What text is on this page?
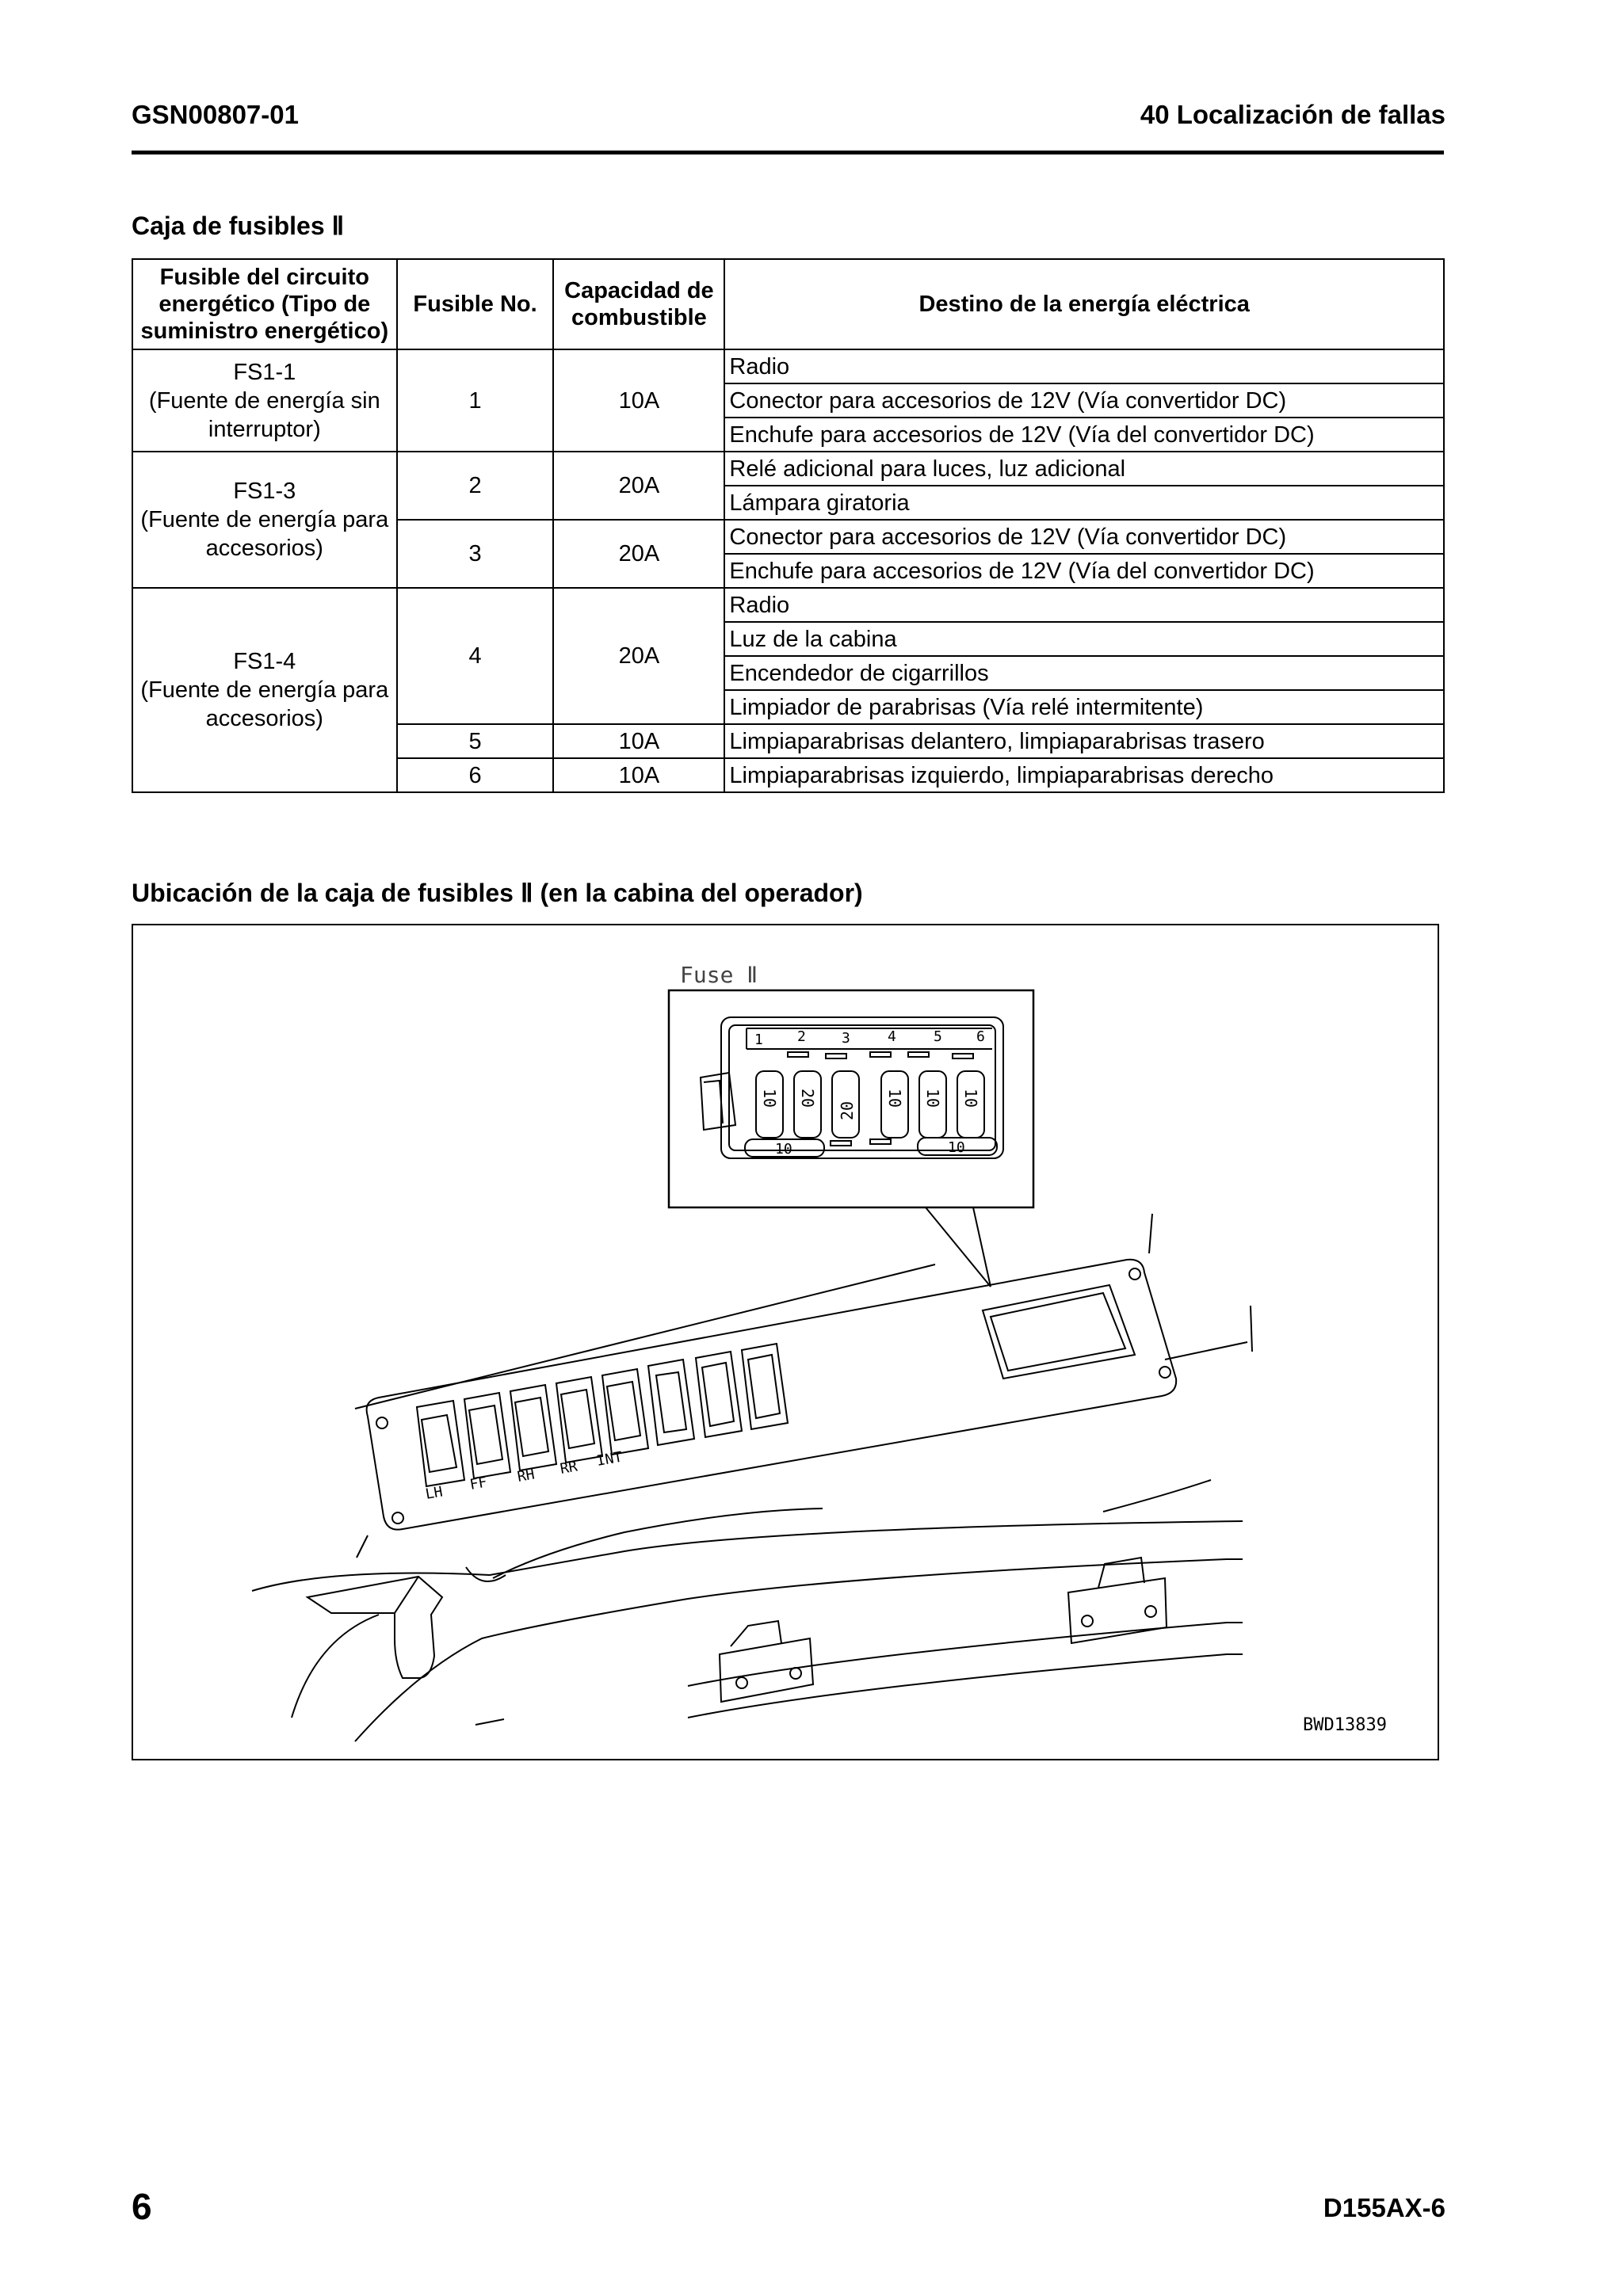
GSN00807-01	40 Localización de fallas
Caja de fusibles Ⅱ
Fusible del circuito energético (Tipo de suministro energético)	Fusible No.	Capacidad de combustible	Destino de la energía eléctrica

FS1-1
(Fuente de energía sin interruptor)	1	10A	Radio
			Conector para accesorios de 12V (Vía convertidor DC)
			Enchufe para accesorios de 12V (Vía del convertidor DC)

FS1-3
(Fuente de energía para accesorios)	2	20A	Relé adicional para luces, luz adicional
			Lámpara giratoria
	3	20A	Conector para accesorios de 12V (Vía convertidor DC)
			Enchufe para accesorios de 12V (Vía del convertidor DC)

FS1-4
(Fuente de energía para accesorios)	4	20A	Radio
			Luz de la cabina
			Encendedor de cigarrillos
			Limpiador de parabrisas (Vía relé intermitente)
	5	10A	Limpiaparabrisas delantero, limpiaparabrisas trasero
	6	10A	Limpiaparabrisas izquierdo, limpiaparabrisas derecho
Ubicación de la caja de fusibles Ⅱ (en la cabina del operador)
Fuse Ⅱ
1 2	3	4	5 6
10 20
20
10 10 10
10	10
INT
RR
RH
FF
LH
BWD13839
6	D155AX-6
